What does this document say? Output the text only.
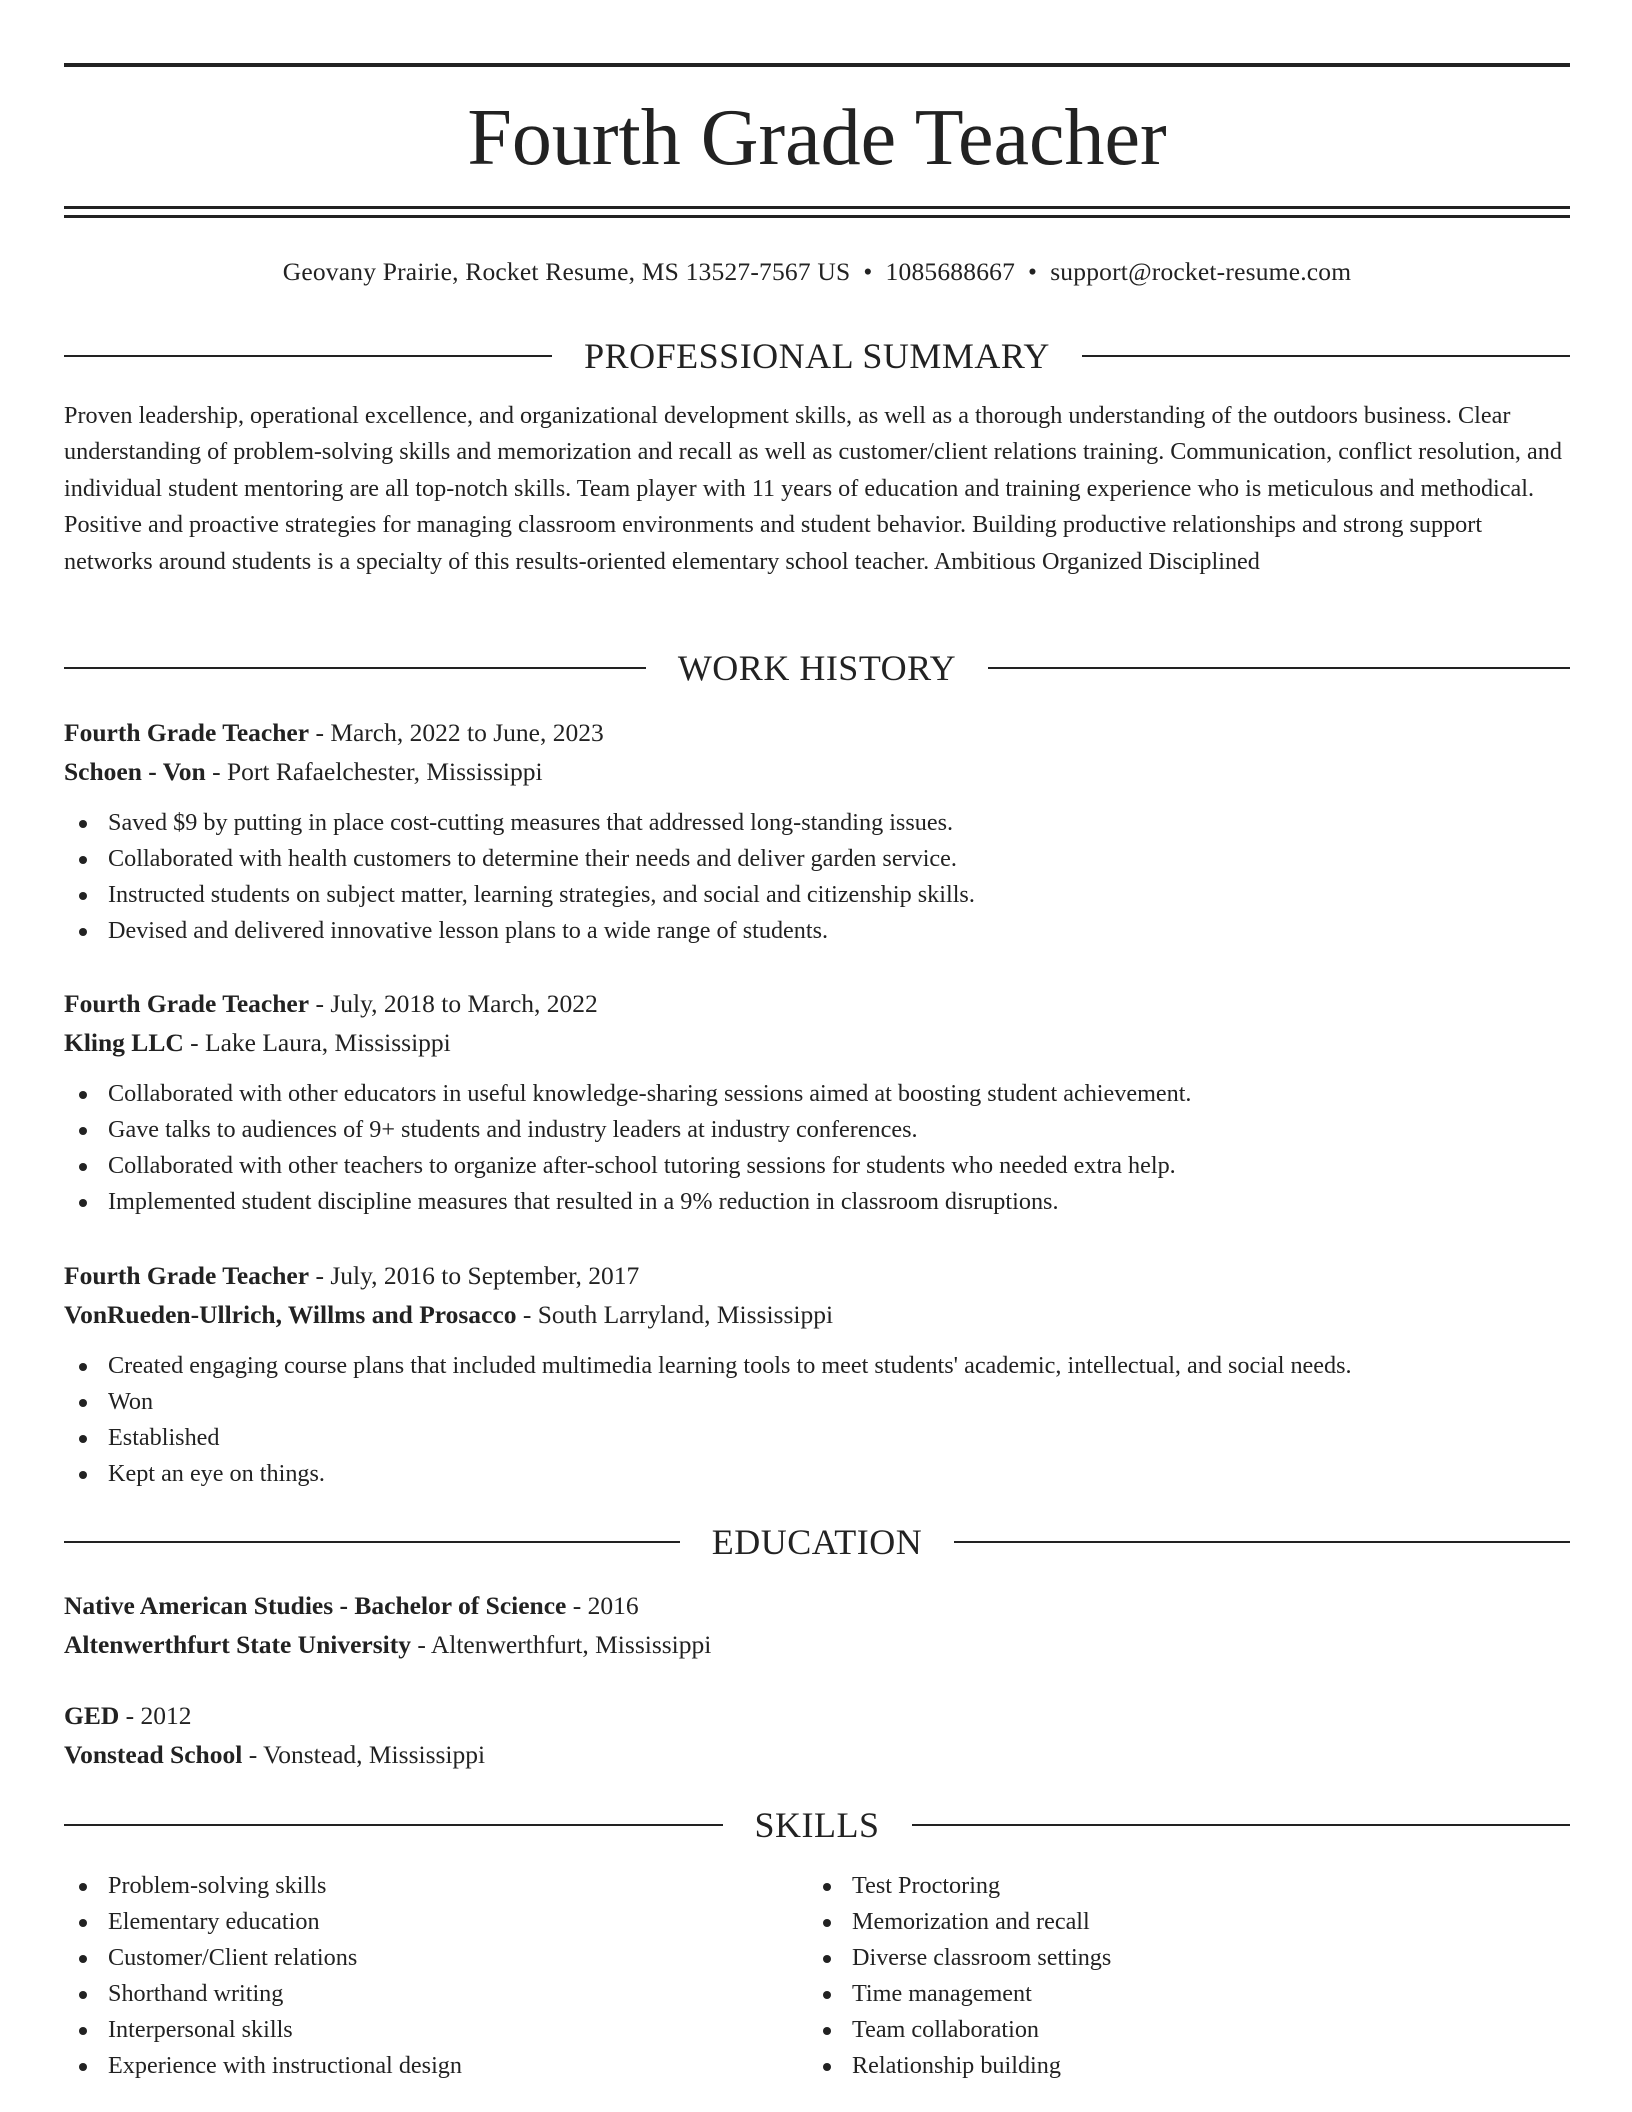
Fourth Grade Teacher
Geovany Prairie, Rocket Resume, MS 13527-7567 US • 1085688667 • support@rocket-resume.com
PROFESSIONAL SUMMARY

Proven leadership, operational excellence, and organizational development skills, as well as a thorough understanding of the outdoors business. Clear understanding of problem-solving skills and memorization and recall as well as customer/client relations training. Communication, conflict resolution, and individual student mentoring are all top-notch skills. Team player with 11 years of education and training experience who is meticulous and methodical. Positive and proactive strategies for managing classroom environments and student behavior. Building productive relationships and strong support networks around students is a specialty of this results-oriented elementary school teacher. Ambitious Organized Disciplined

WORK HISTORY
Fourth Grade Teacher - March, 2022 to June, 2023
Schoen - Von - Port Rafaelchester, Mississippi
Saved $9 by putting in place cost-cutting measures that addressed long-standing issues.
Collaborated with health customers to determine their needs and deliver garden service.
Instructed students on subject matter, learning strategies, and social and citizenship skills.
Devised and delivered innovative lesson plans to a wide range of students.
Fourth Grade Teacher - July, 2018 to March, 2022
Kling LLC - Lake Laura, Mississippi
Collaborated with other educators in useful knowledge-sharing sessions aimed at boosting student achievement.
Gave talks to audiences of 9+ students and industry leaders at industry conferences.
Collaborated with other teachers to organize after-school tutoring sessions for students who needed extra help.
Implemented student discipline measures that resulted in a 9% reduction in classroom disruptions.
Fourth Grade Teacher - July, 2016 to September, 2017
VonRueden-Ullrich, Willms and Prosacco - South Larryland, Mississippi
Created engaging course plans that included multimedia learning tools to meet students' academic, intellectual, and social needs.
Won
Established
Kept an eye on things.
EDUCATION
Native American Studies - Bachelor of Science - 2016
Altenwerthfurt State University - Altenwerthfurt, Mississippi
GED - 2012
Vonstead School - Vonstead, Mississippi
SKILLS
Problem-solving skills
Elementary education
Customer/Client relations
Shorthand writing
Interpersonal skills
Experience with instructional design
Test Proctoring
Memorization and recall
Diverse classroom settings
Time management
Team collaboration
Relationship building
